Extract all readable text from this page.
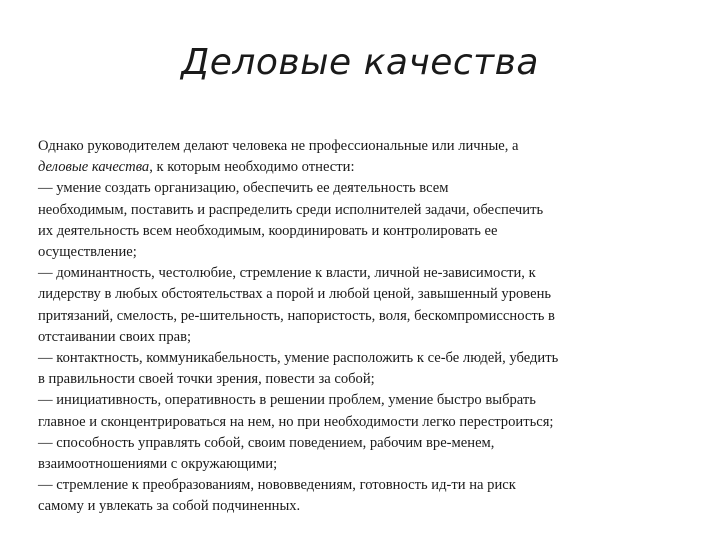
Деловые качества
Однако руководителем делают человека не профессиональные или личные, а
деловые качества, к которым необходимо отнести:
— умение создать организацию, обеспечить ее деятельность всем
необходимым, поставить и распределить среди исполнителей задачи, обеспечить
их деятельность всем необходимым, координировать и контролировать ее
осуществление;
— доминантность, честолюбие, стремление к власти, личной не-зависимости, к
лидерству в любых обстоятельствах а порой и любой ценой, завышенный уровень
притязаний, смелость, ре-шительность, напористость, воля, бескомпромиссность в
отстаивании своих прав;
— контактность, коммуникабельность, умение расположить к се-бе людей, убедить
в правильности своей точки зрения, повести за собой;
— инициативность, оперативность в решении проблем, умение быстро выбрать
главное и сконцентрироваться на нем, но при необходимости легко перестроиться;
— способность управлять собой, своим поведением, рабочим вре-менем,
взаимоотношениями с окружающими;
— стремление к преобразованиям, нововведениям, готовность ид-ти на риск
самому и увлекать за собой подчиненных.
